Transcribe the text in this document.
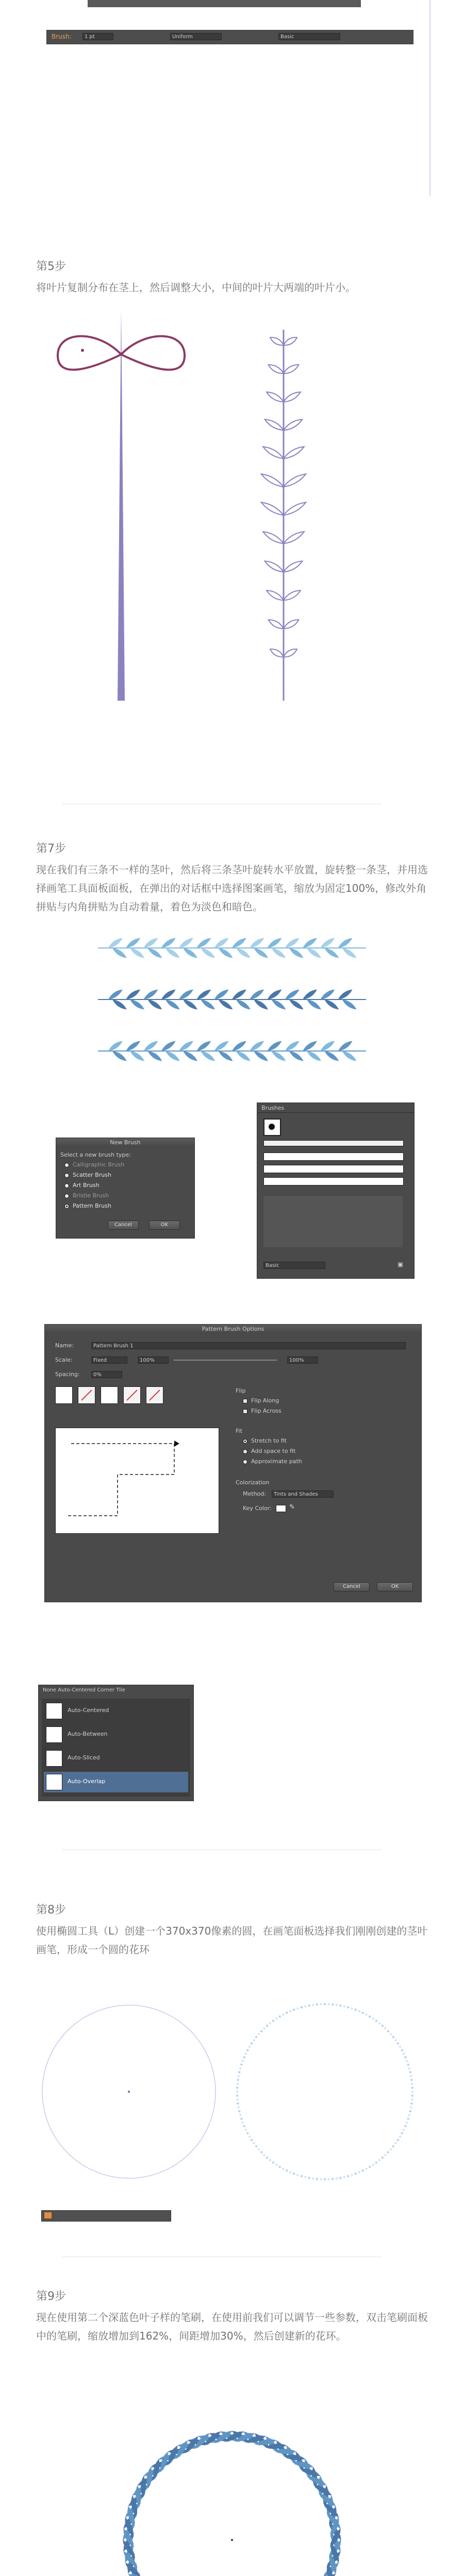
Brush:	1 pt	Uniform	Basic
第5步
将叶片复制分布在茎上，然后调整大小，中间的叶片大两端的叶片小。
第7步
现在我们有三条不一样的茎叶，然后将三条茎叶旋转水平放置，旋转整一条茎，并用选择画笔工具面板面板，在弹出的对话框中选择图案画笔，缩放为固定100%，修改外角拼贴与内角拼贴为自动着量，着色为淡色和暗色。
New Brush
Select a new brush type:
Calligraphic Brush
Scatter Brush
Art Brush
Bristle Brush
Pattern Brush
Cancel	OK
Brushes
Basic	▣
Pattern Brush Options
Name:	Pattern Brush 1
Scale:	Fixed	100%	100%
Spacing:	0%
Flip
Flip Along
Flip Across
Fit
Stretch to fit
Add space to fit
Approximate path
Colorization
Method:	Tints and Shades
Key Color:	✎
Cancel	OK
None Auto-Centered Corner Tile
Auto-Centered
Auto-Between
Auto-Sliced
Auto-Overlap
第8步
使用椭圆工具（L）创建一个370x370像素的圆，在画笔面板选择我们刚刚创建的茎叶画笔，形成一个圆的花环
第9步
现在使用第二个深蓝色叶子样的笔刷，在使用前我们可以调节一些参数，双击笔刷面板中的笔刷，缩放增加到162%，间距增加30%，然后创建新的花环。
